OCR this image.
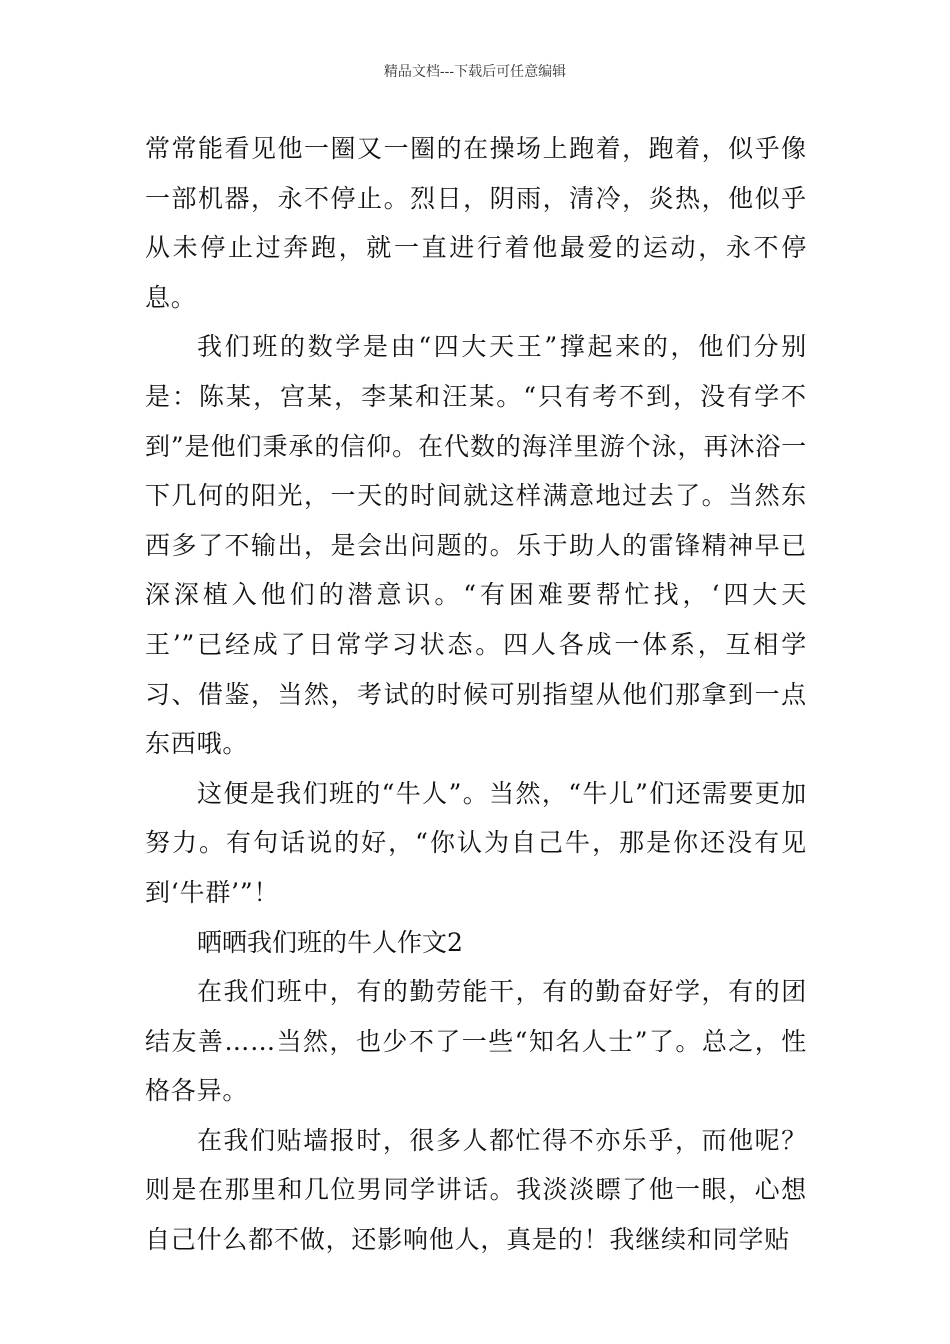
精品文档---下载后可任意编辑

常常能看见他一圈又一圈的在操场上跑着，跑着，似乎像一部机器，永不停止。烈日，阴雨，清冷，炎热，他似乎从未停止过奔跑，就一直进行着他最爱的运动，永不停息。

我们班的数学是由“四大天王”撑起来的，他们分别是：陈某，宫某，李某和汪某。“只有考不到，没有学不到”是他们秉承的信仰。在代数的海洋里游个泳，再沐浴一下几何的阳光，一天的时间就这样满意地过去了。当然东西多了不输出，是会出问题的。乐于助人的雷锋精神早已深深植入他们的潜意识。“有困难要帮忙找，‘四大天王’”已经成了日常学习状态。四人各成一体系，互相学习、借鉴，当然，考试的时候可别指望从他们那拿到一点东西哦。

这便是我们班的“牛人”。当然，“牛儿”们还需要更加努力。有句话说的好，“你认为自己牛，那是你还没有见到‘牛群’”！

晒晒我们班的牛人作文2

在我们班中，有的勤劳能干，有的勤奋好学，有的团结友善……当然，也少不了一些“知名人士”了。总之，性格各异。

在我们贴墙报时，很多人都忙得不亦乐乎，而他呢？则是在那里和几位男同学讲话。我淡淡瞟了他一眼，心想自己什么都不做，还影响他人，真是的！我继续和同学贴
